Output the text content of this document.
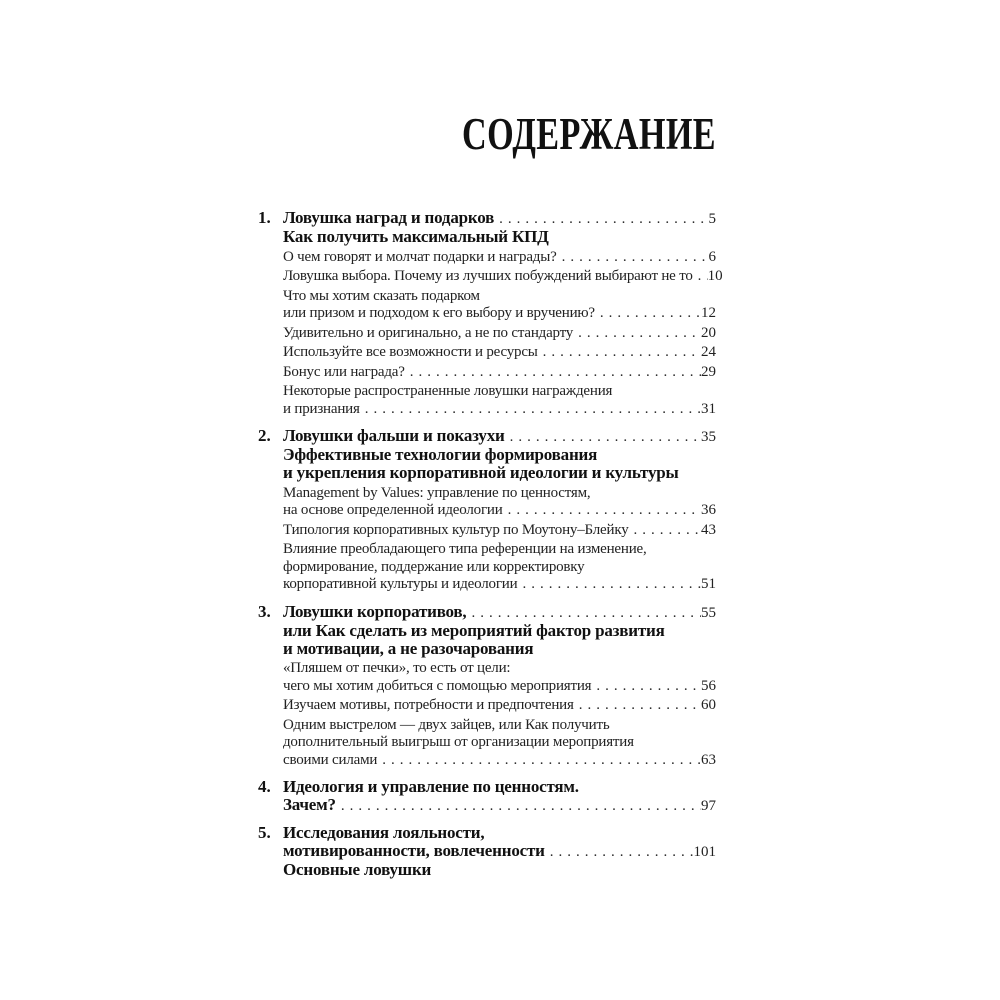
СОДЕРЖАНИЕ
1. Ловушка наград и подарков .....	5
Как получить максимальный КПД
О чем говорят и молчат подарки и награды? .....	6
Ловушка выбора. Почему из лучших побуждений выбирают не то ..... 10
Что мы хотим сказать подарком
или призом и подходом к его выбору и вручению? .....	12
Удивительно и оригинально, а не по стандарту .....	20
Используйте все возможности и ресурсы .....	24
Бонус или награда? .....	29
Некоторые распространенные ловушки награждения
и признания .....	31
2. Ловушки фальши и показухи .....	35
Эффективные технологии формирования
и укрепления корпоративной идеологии и культуры
Management by Values: управление по ценностям,
на основе определенной идеологии .....	36
Типология корпоративных культур по Моутону–Блейку .....	43
Влияние преобладающего типа референции на изменение,
формирование, поддержание или корректировку
корпоративной культуры и идеологии .....	51
3. Ловушки корпоративов, .....	55
или Как сделать из мероприятий фактор развития
и мотивации, а не разочарования
«Пляшем от печки», то есть от цели:
чего мы хотим добиться с помощью мероприятия .....	56
Изучаем мотивы, потребности и предпочтения .....	60
Одним выстрелом — двух зайцев, или Как получить
дополнительный выигрыш от организации мероприятия
своими силами .....	63
4. Идеология и управление по ценностям.
Зачем? .....	97
5. Исследования лояльности,
мотивированности, вовлеченности .....	101
Основные ловушки
